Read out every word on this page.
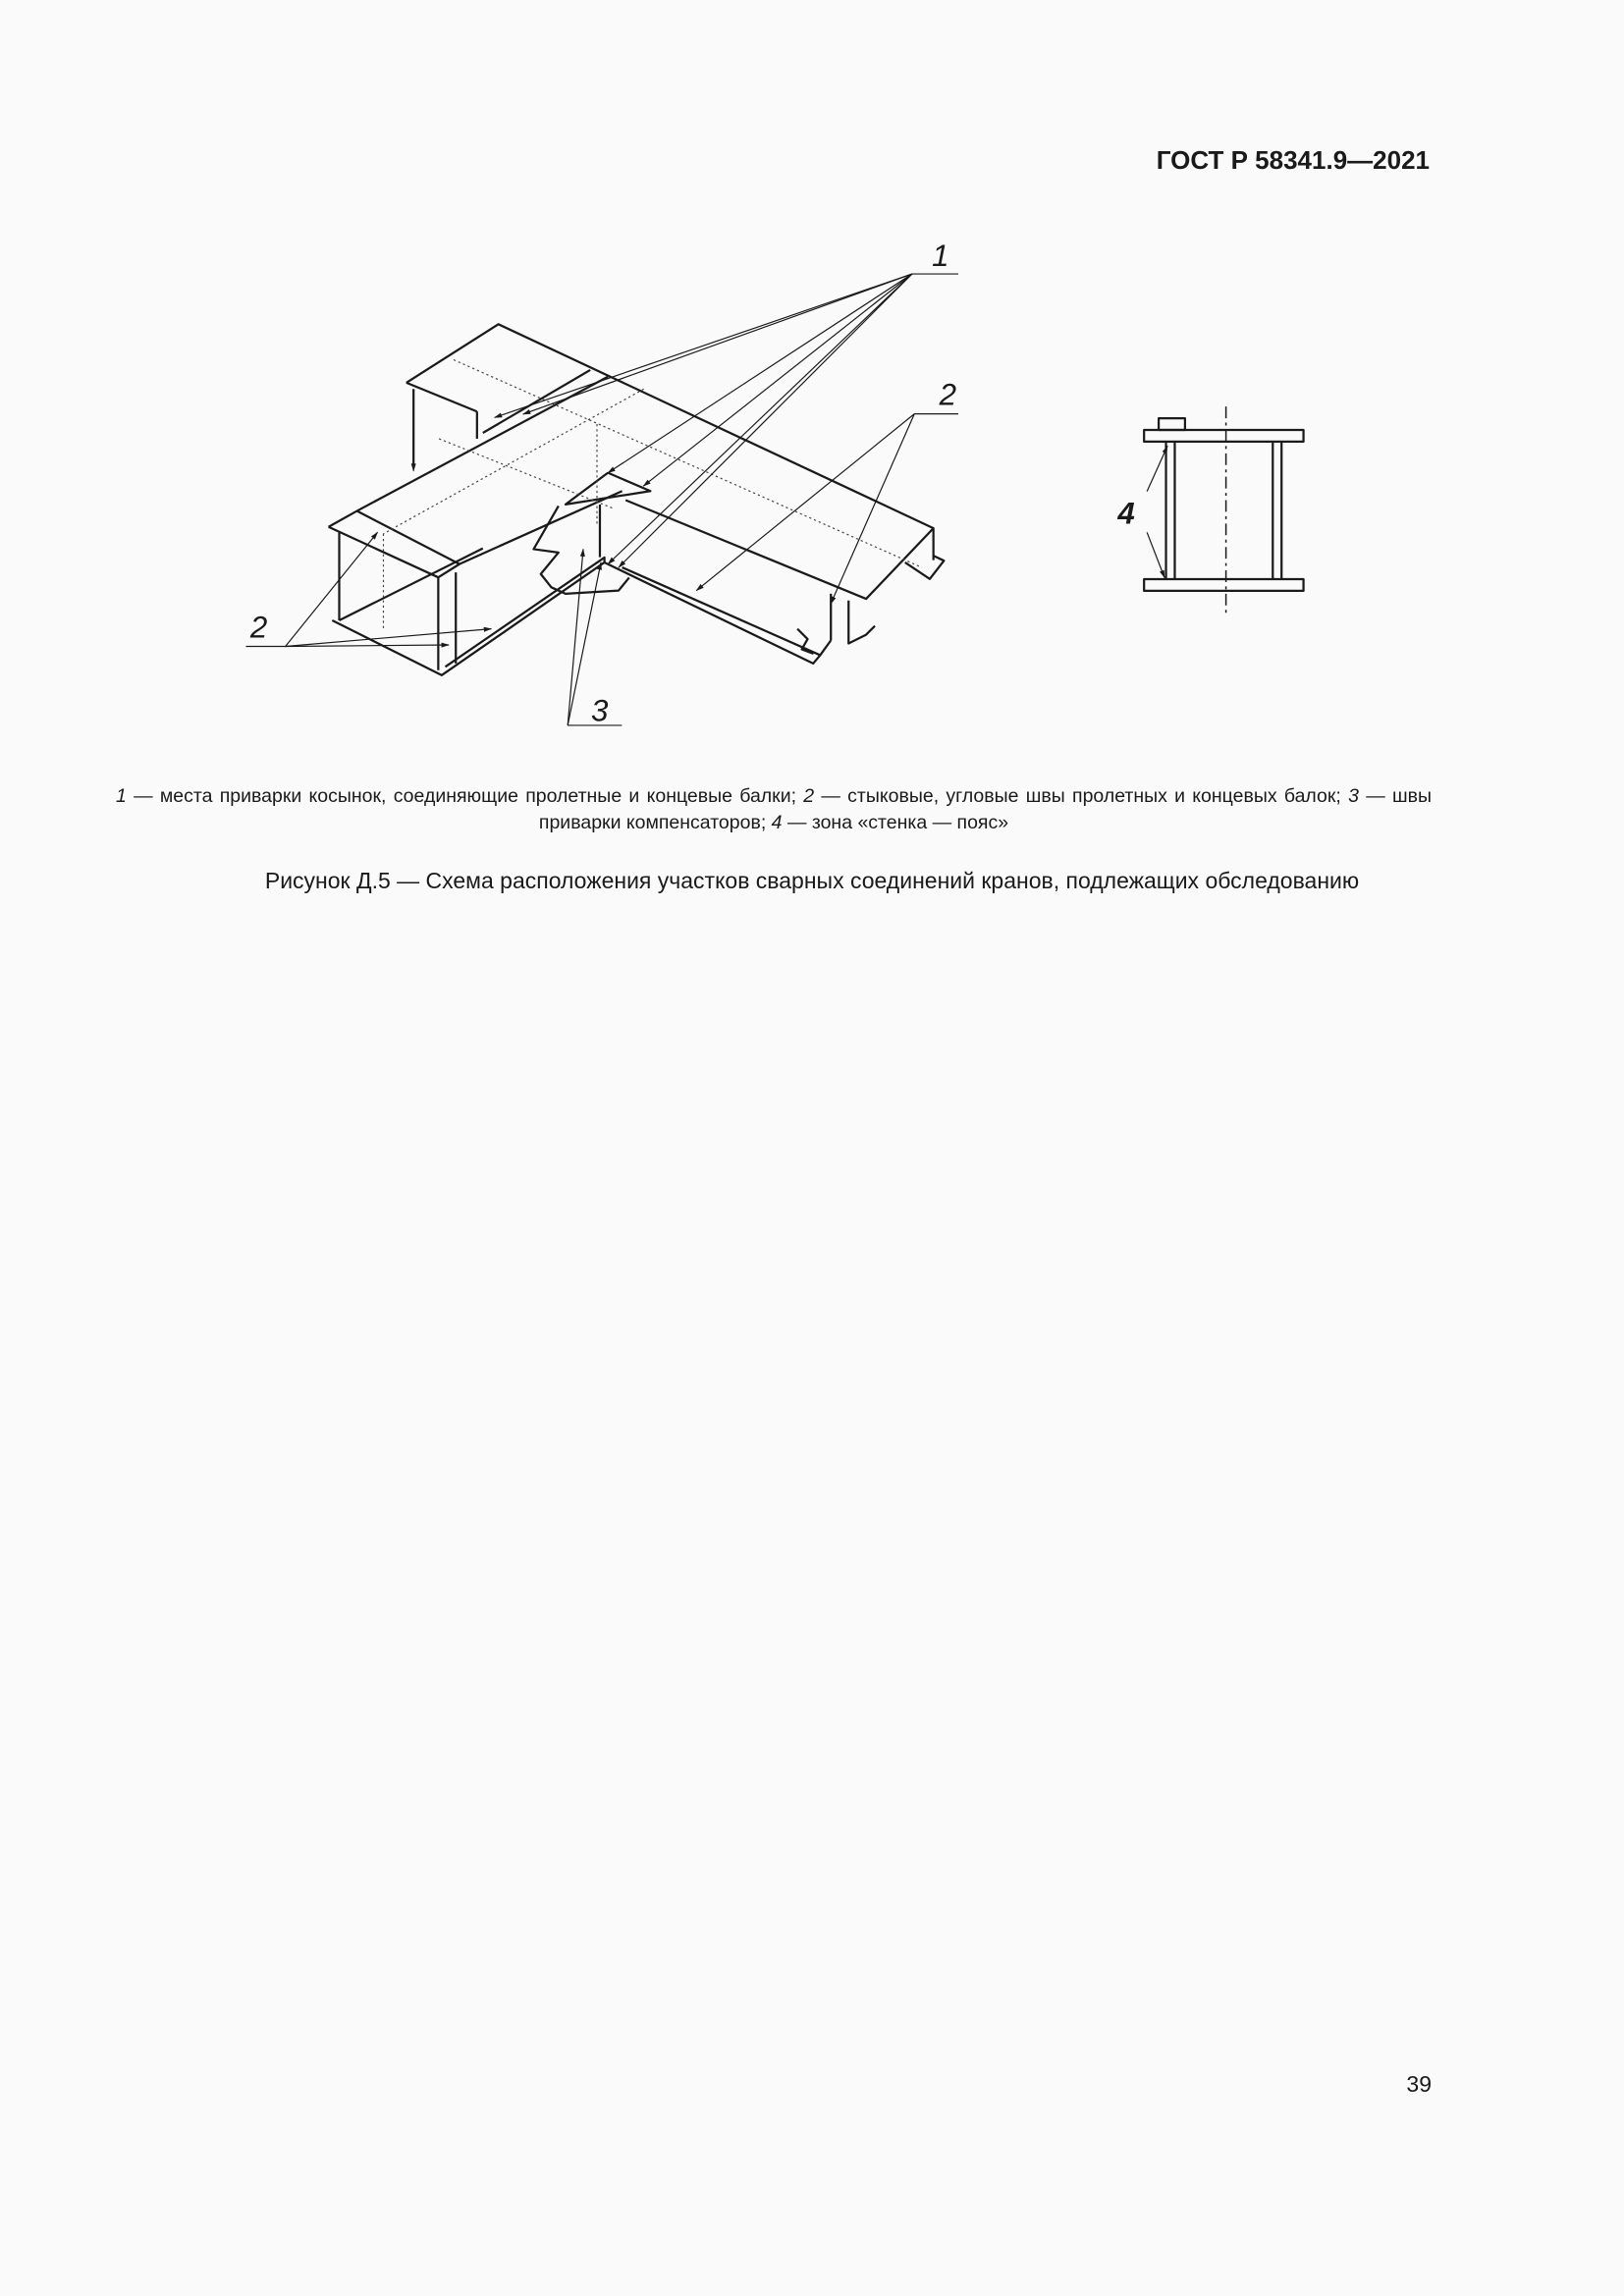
ГОСТ Р 58341.9—2021
1
2
2
3
4
1 — места приварки косынок, соединяющие пролетные и концевые балки; 2 — стыковые, угловые швы пролетных и концевых балок; 3 — швы приварки компенсаторов; 4 — зона «стенка — пояс»
Рисунок Д.5 — Схема расположения участков сварных соединений кранов, подлежащих обследованию
39
